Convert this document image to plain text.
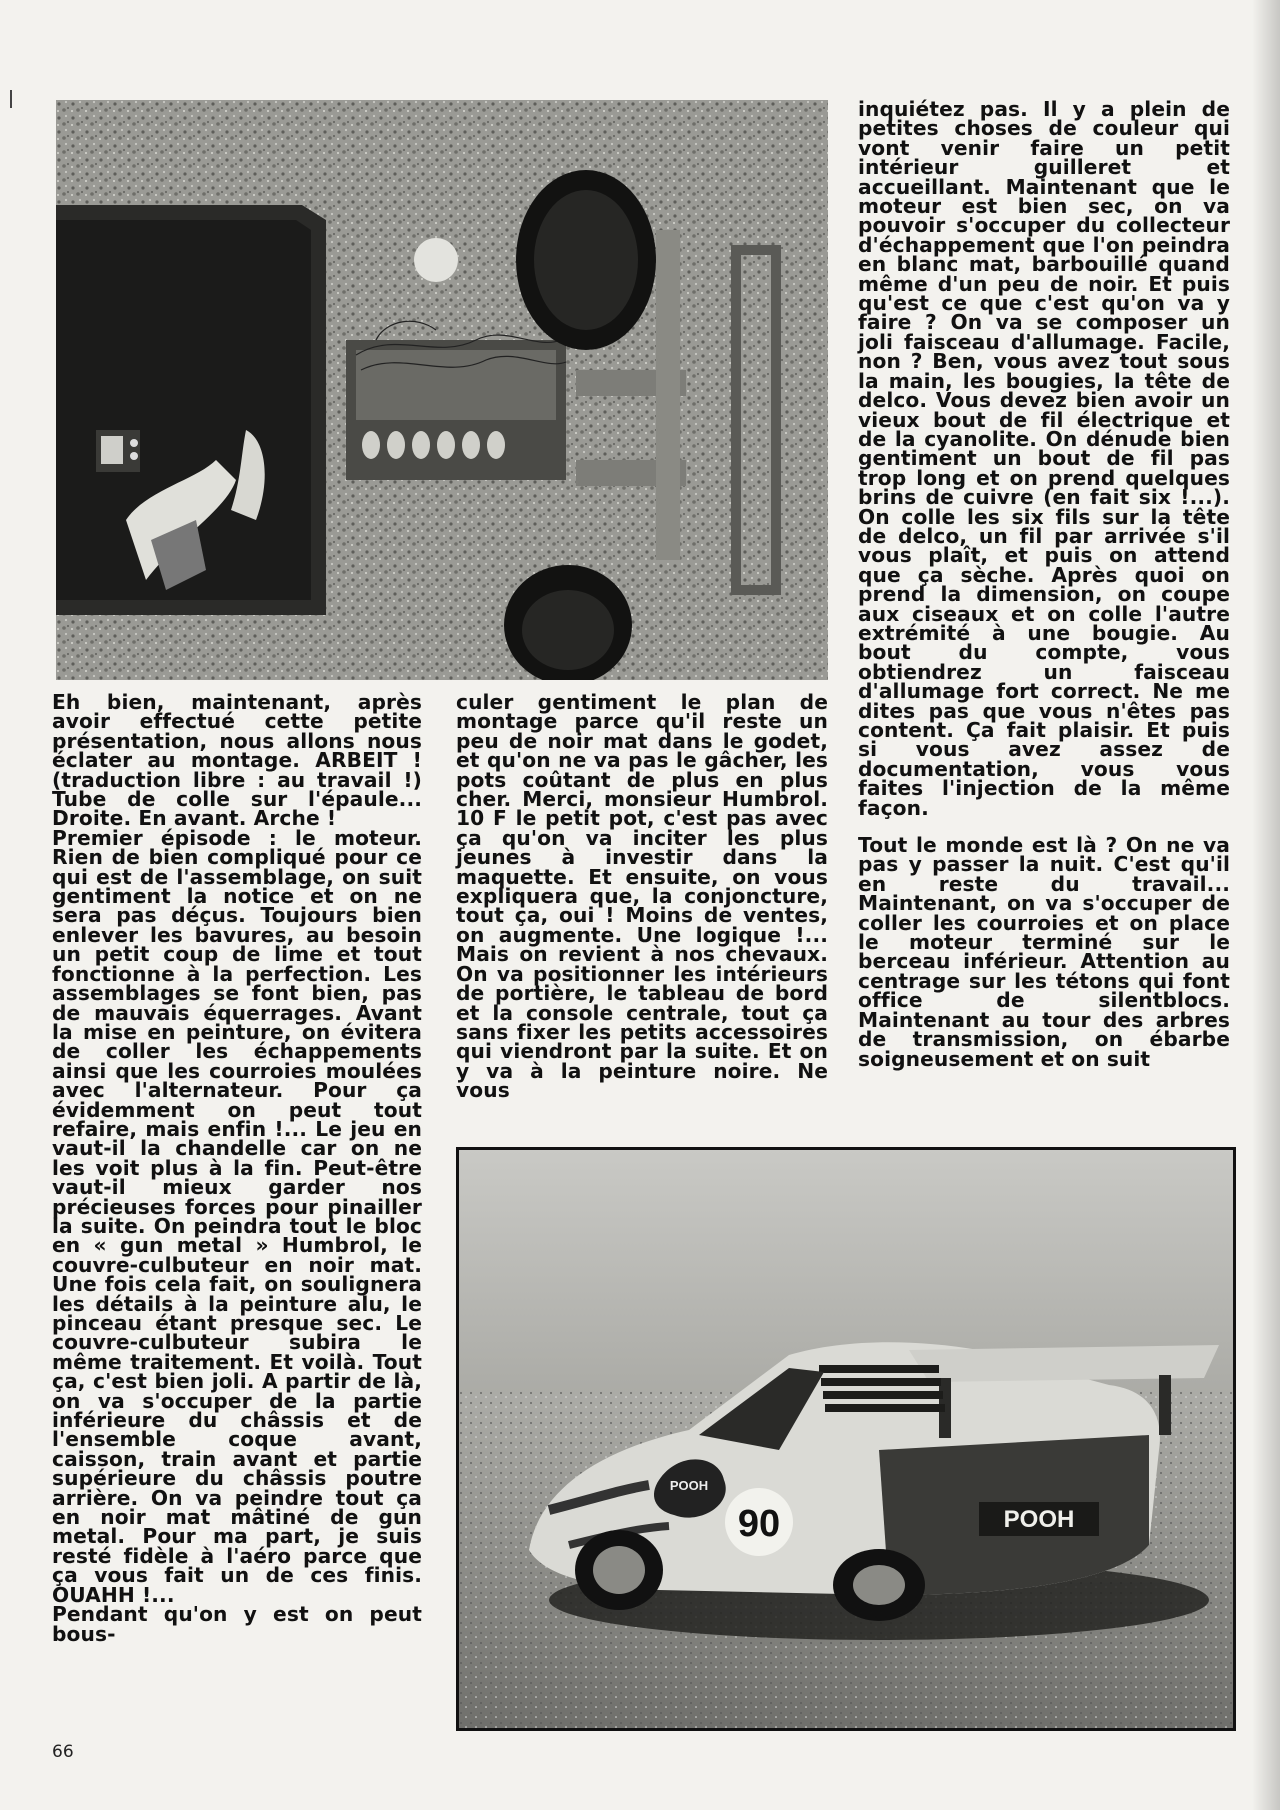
Eh bien, maintenant, après avoir effectué cette petite présentation, nous allons nous éclater au montage. ARBEIT ! (traduction libre : au travail !) Tube de colle sur l'épaule... Droite. En avant. Arche !

Premier épisode : le moteur. Rien de bien compliqué pour ce qui est de l'assemblage, on suit gentiment la notice et on ne sera pas déçus. Toujours bien enlever les bavures, au besoin un petit coup de lime et tout fonctionne à la perfection. Les assemblages se font bien, pas de mauvais équerrages. Avant la mise en peinture, on évitera de coller les échappements ainsi que les courroies moulées avec l'alternateur. Pour ça évidemment on peut tout refaire, mais enfin !... Le jeu en vaut-il la chandelle car on ne les voit plus à la fin. Peut-être vaut-il mieux garder nos précieuses forces pour pinailler la suite. On peindra tout le bloc en « gun metal » Humbrol, le couvre-culbuteur en noir mat. Une fois cela fait, on soulignera les détails à la peinture alu, le pinceau étant presque sec. Le couvre-culbuteur subira le même traitement. Et voilà. Tout ça, c'est bien joli. A partir de là, on va s'occuper de la partie inférieure du châssis et de l'ensemble coque avant, caisson, train avant et partie supérieure du châssis poutre arrière. On va peindre tout ça en noir mat mâtiné de gun metal. Pour ma part, je suis resté fidèle à l'aéro parce que ça vous fait un de ces finis. OUAHH !...

Pendant qu'on y est on peut bous-

culer gentiment le plan de montage parce qu'il reste un peu de noir mat dans le godet, et qu'on ne va pas le gâcher, les pots coûtant de plus en plus cher. Merci, monsieur Humbrol. 10 F le petit pot, c'est pas avec ça qu'on va inciter les plus jeunes à investir dans la maquette. Et ensuite, on vous expliquera que, la conjoncture, tout ça, oui ! Moins de ventes, on augmente. Une logique !... Mais on revient à nos chevaux. On va positionner les intérieurs de portière, le tableau de bord et la console centrale, tout ça sans fixer les petits accessoires qui viendront par la suite. Et on y va à la peinture noire. Ne vous

inquiétez pas. Il y a plein de petites choses de couleur qui vont venir faire un petit intérieur guilleret et accueillant. Maintenant que le moteur est bien sec, on va pouvoir s'occuper du collecteur d'échappement que l'on peindra en blanc mat, barbouillé quand même d'un peu de noir. Et puis qu'est ce que c'est qu'on va y faire ? On va se composer un joli faisceau d'allumage. Facile, non ? Ben, vous avez tout sous la main, les bougies, la tête de delco. Vous devez bien avoir un vieux bout de fil électrique et de la cyanolite. On dénude bien gentiment un bout de fil pas trop long et on prend quelques brins de cuivre (en fait six !...). On colle les six fils sur la tête de delco, un fil par arrivée s'il vous plaît, et puis on attend que ça sèche. Après quoi on prend la dimension, on coupe aux ciseaux et on colle l'autre extrémité à une bougie. Au bout du compte, vous obtiendrez un faisceau d'allumage fort correct. Ne me dites pas que vous n'êtes pas content. Ça fait plaisir. Et puis si vous avez assez de documentation, vous vous faites l'injection de la même façon.

Tout le monde est là ? On ne va pas y passer la nuit. C'est qu'il en reste du travail... Maintenant, on va s'occuper de coller les courroies et on place le moteur terminé sur le berceau inférieur. Attention au centrage sur les tétons qui font office de silentblocs. Maintenant au tour des arbres de transmission, on ébarbe soigneusement et on suit

POOH
90
POOH
66
